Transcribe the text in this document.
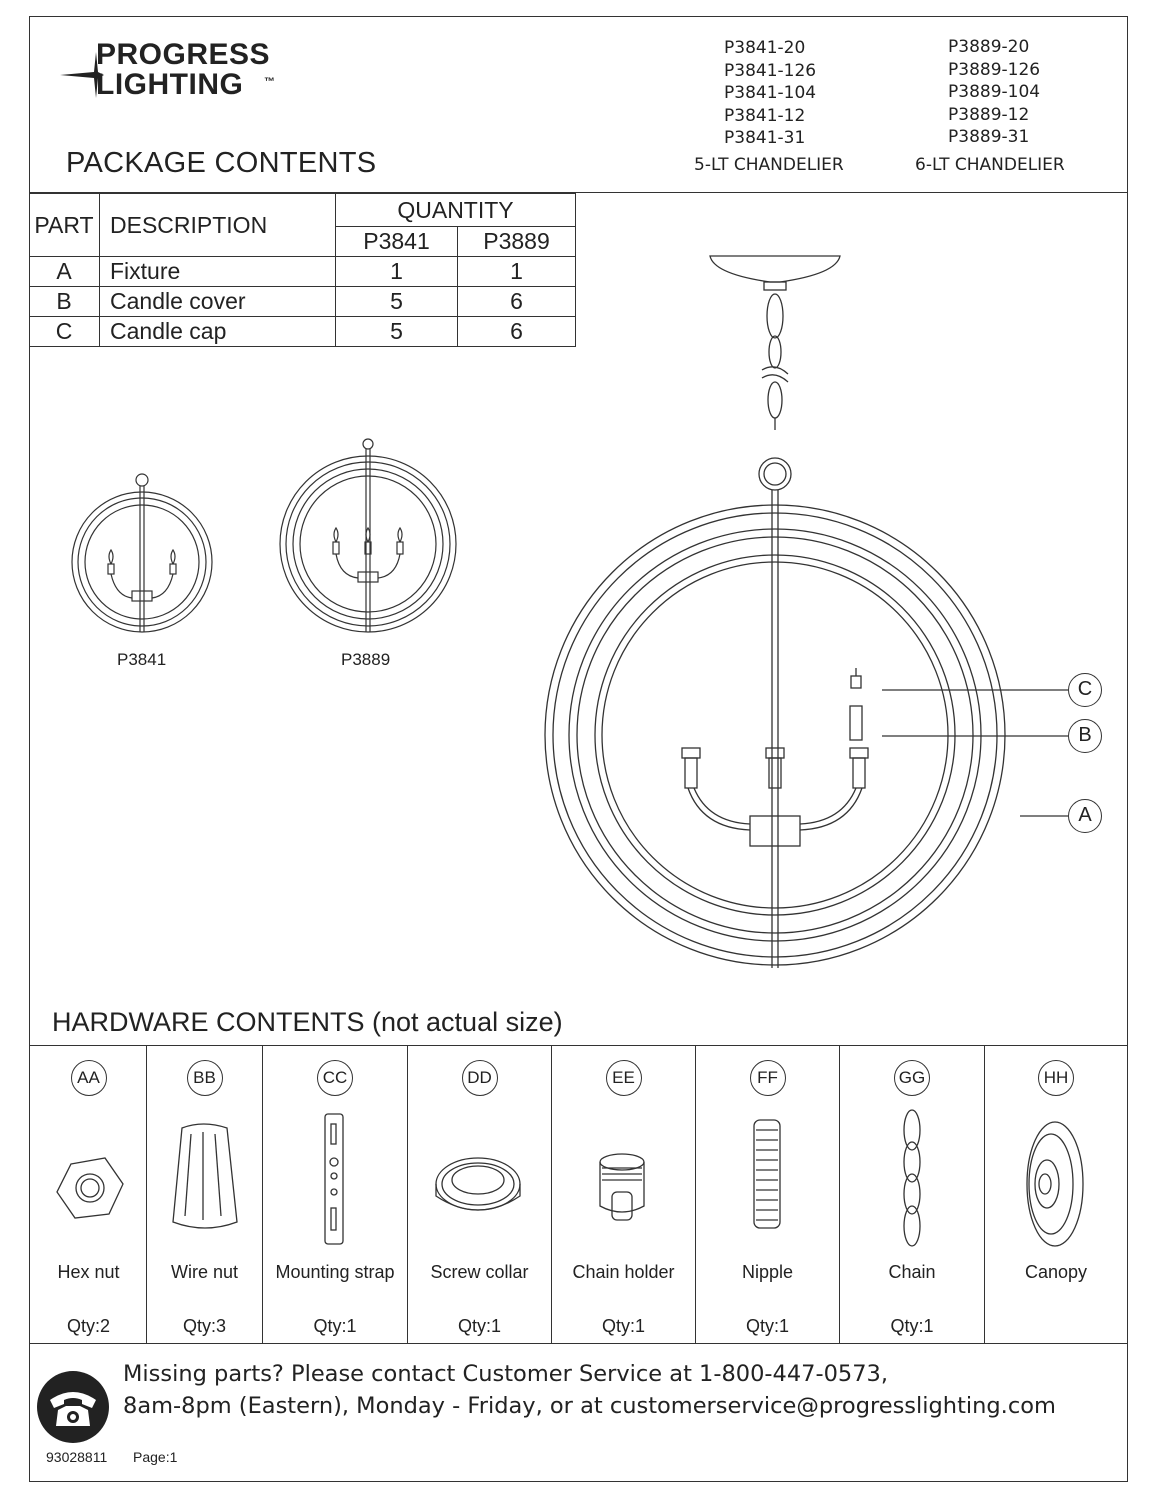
PROGRESS
LIGHTING ™
P3841-20
P3841-126
P3841-104
P3841-12
P3841-31
P3889-20
P3889-126
P3889-104
P3889-12
P3889-31
5-LT CHANDELIER	6-LT CHANDELIER
PACKAGE CONTENTS
PART	DESCRIPTION	QUANTITY	
		P3841	P3889
A	Fixture	1	1
B	Candle cover	5	6
C	Candle cap	5	6
P3841	P3889
C
B
A
HARDWARE CONTENTS (not actual size)
AA
Hex nut
Qty:2
BB
Wire nut
Qty:3
CC
Mounting strap
Qty:1
DD
Screw collar
Qty:1
EE
Chain holder
Qty:1
FF
Nipple
Qty:1
GG
Chain
Qty:1
HH
Canopy
Missing parts? Please contact Customer Service at 1-800-447-0573,
8am-8pm (Eastern), Monday - Friday, or at customerservice@progresslighting.com
93028811 Page:1
